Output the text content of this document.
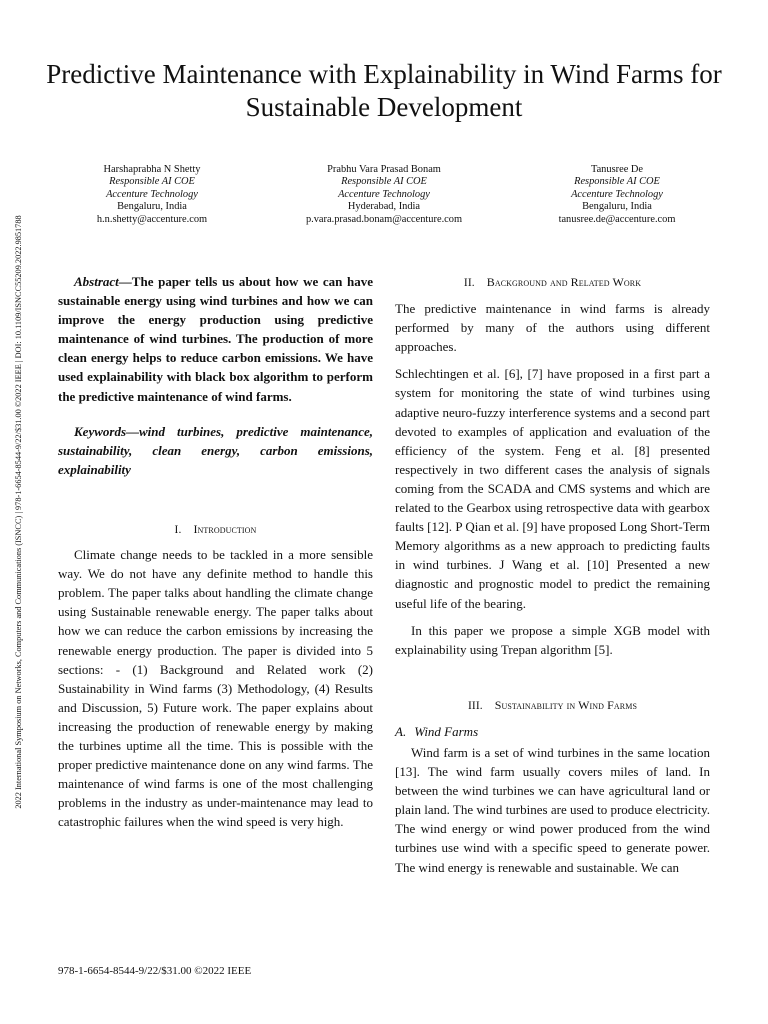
Predictive Maintenance with Explainability in Wind Farms for Sustainable Development
2022 International Symposium on Networks, Computers and Communications (ISNCC) | 978-1-6654-8544-9/22/$31.00 ©2022 IEEE | DOI: 10.1109/ISNCC55209.2022.9851788
Harshaprabha N Shetty
Responsible AI COE
Accenture Technology
Bengaluru, India
h.n.shetty@accenture.com
Prabhu Vara Prasad Bonam
Responsible AI COE
Accenture Technology
Hyderabad, India
p.vara.prasad.bonam@accenture.com
Tanusree De
Responsible AI COE
Accenture Technology
Bengaluru, India
tanusree.de@accenture.com

Abstract—The paper tells us about how we can have sustainable energy using wind turbines and how we can improve the energy production using predictive maintenance of wind turbines. The production of more clean energy helps to reduce carbon emissions. We have used explainability with black box algorithm to perform the predictive maintenance of wind farms.

Keywords—wind turbines, predictive maintenance, sustainability, clean energy, carbon emissions, explainability

I. Introduction

Climate change needs to be tackled in a more sensible way. We do not have any definite method to handle this problem. The paper talks about handling the climate change using Sustainable renewable energy. The paper talks about how we can reduce the carbon emissions by increasing the renewable energy production. The paper is divided into 5 sections: - (1) Background and Related work (2) Sustainability in Wind farms (3) Methodology, (4) Results and Discussion, 5) Future work. The paper explains about increasing the production of renewable energy by making the turbines uptime all the time. This is possible with the proper predictive maintenance done on any wind farms. The maintenance of wind farms is one of the most challenging problems in the industry as under-maintenance may lead to catastrophic failures when the wind speed is very high.

II. Background and Related Work

The predictive maintenance in wind farms is already performed by many of the authors using different approaches.

Schlechtingen et al. [6], [7] have proposed in a first part a system for monitoring the state of wind turbines using adaptive neuro-fuzzy interference systems and a second part devoted to examples of application and evaluation of the efficiency of the system. Feng et al. [8] presented respectively in two different cases the analysis of signals coming from the SCADA and CMS systems and which are related to the Gearbox using retrospective data with gearbox faults [12]. P Qian et al. [9] have proposed Long Short-Term Memory algorithms as a new approach to predicting faults in wind turbines. J Wang et al. [10] Presented a new diagnostic and prognostic model to predict the remaining useful life of the bearing.

In this paper we propose a simple XGB model with explainability using Trepan algorithm [5].

III. Sustainability in Wind Farms

A. Wind Farms

Wind farm is a set of wind turbines in the same location [13]. The wind farm usually covers miles of land. In between the wind turbines we can have agricultural land or plain land. The wind turbines are used to produce electricity. The wind energy or wind power produced from the wind turbines use wind with a specific speed to generate power. The wind energy is renewable and sustainable. We can

978-1-6654-8544-9/22/$31.00 ©2022 IEEE
